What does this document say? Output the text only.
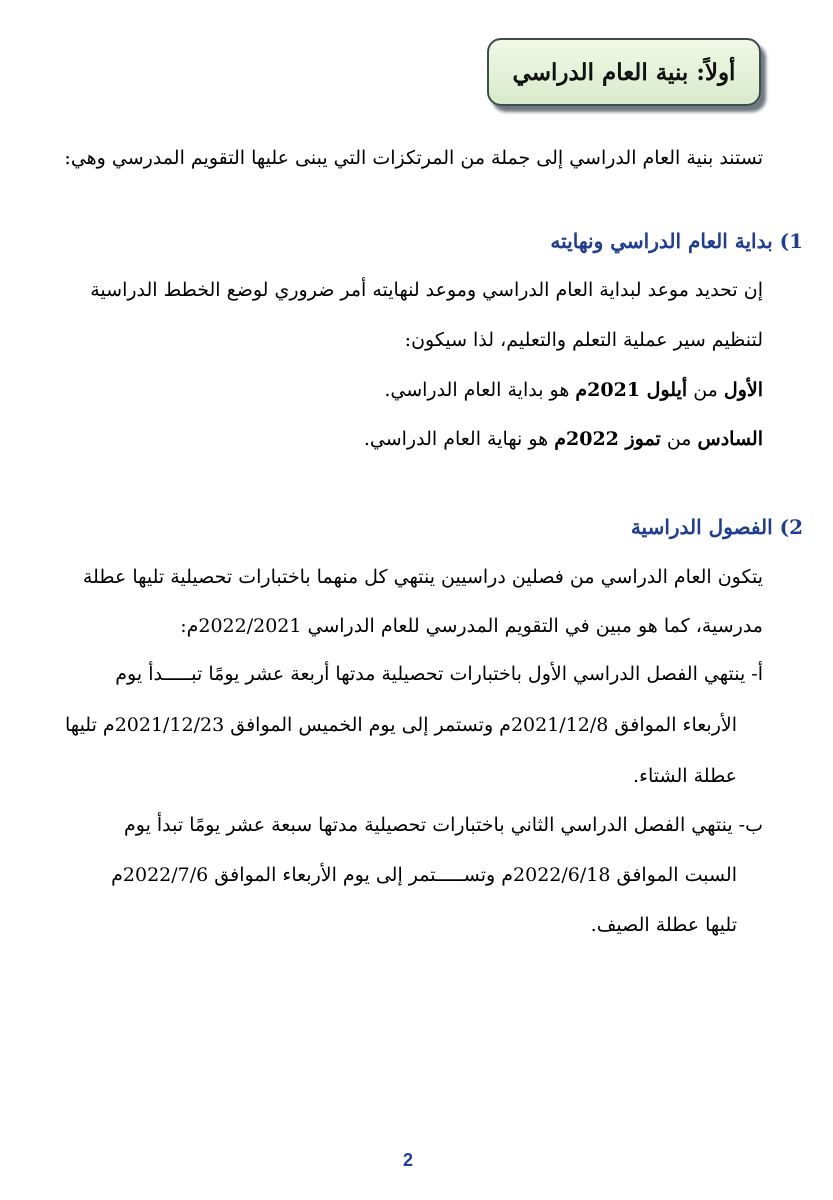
أولاً: بنية العام الدراسي
تستند بنية العام الدراسي إلى جملة من المرتكزات التي يبنى عليها التقويم المدرسي وهي:
1) بداية العام الدراسي ونهايته
إن تحديد موعد لبداية العام الدراسي وموعد لنهايته أمر ضروري لوضع الخطط الدراسية
لتنظيم سير عملية التعلم والتعليم، لذا سيكون:
الأول من أيلول 2021م هو بداية العام الدراسي.
السادس من تموز 2022م هو نهاية العام الدراسي.
2) الفصول الدراسية
يتكون العام الدراسي من فصلين دراسيين ينتهي كل منهما باختبارات تحصيلية تليها عطلة
مدرسية، كما هو مبين في التقويم المدرسي للعام الدراسي 2022/2021م:
أ- ينتهي الفصل الدراسي الأول باختبارات تحصيلية مدتها أربعة عشر يومًا تبـــــدأ يوم
الأربعاء الموافق 2021/12/8م وتستمر إلى يوم الخميس الموافق 2021/12/23م تليها
عطلة الشتاء.
ب- ينتهي الفصل الدراسي الثاني باختبارات تحصيلية مدتها سبعة عشر يومًا تبدأ يوم
السبت الموافق 2022/6/18م وتســـــتمر إلى يوم الأربعاء الموافق 2022/7/6م
تليها عطلة الصيف.
2
